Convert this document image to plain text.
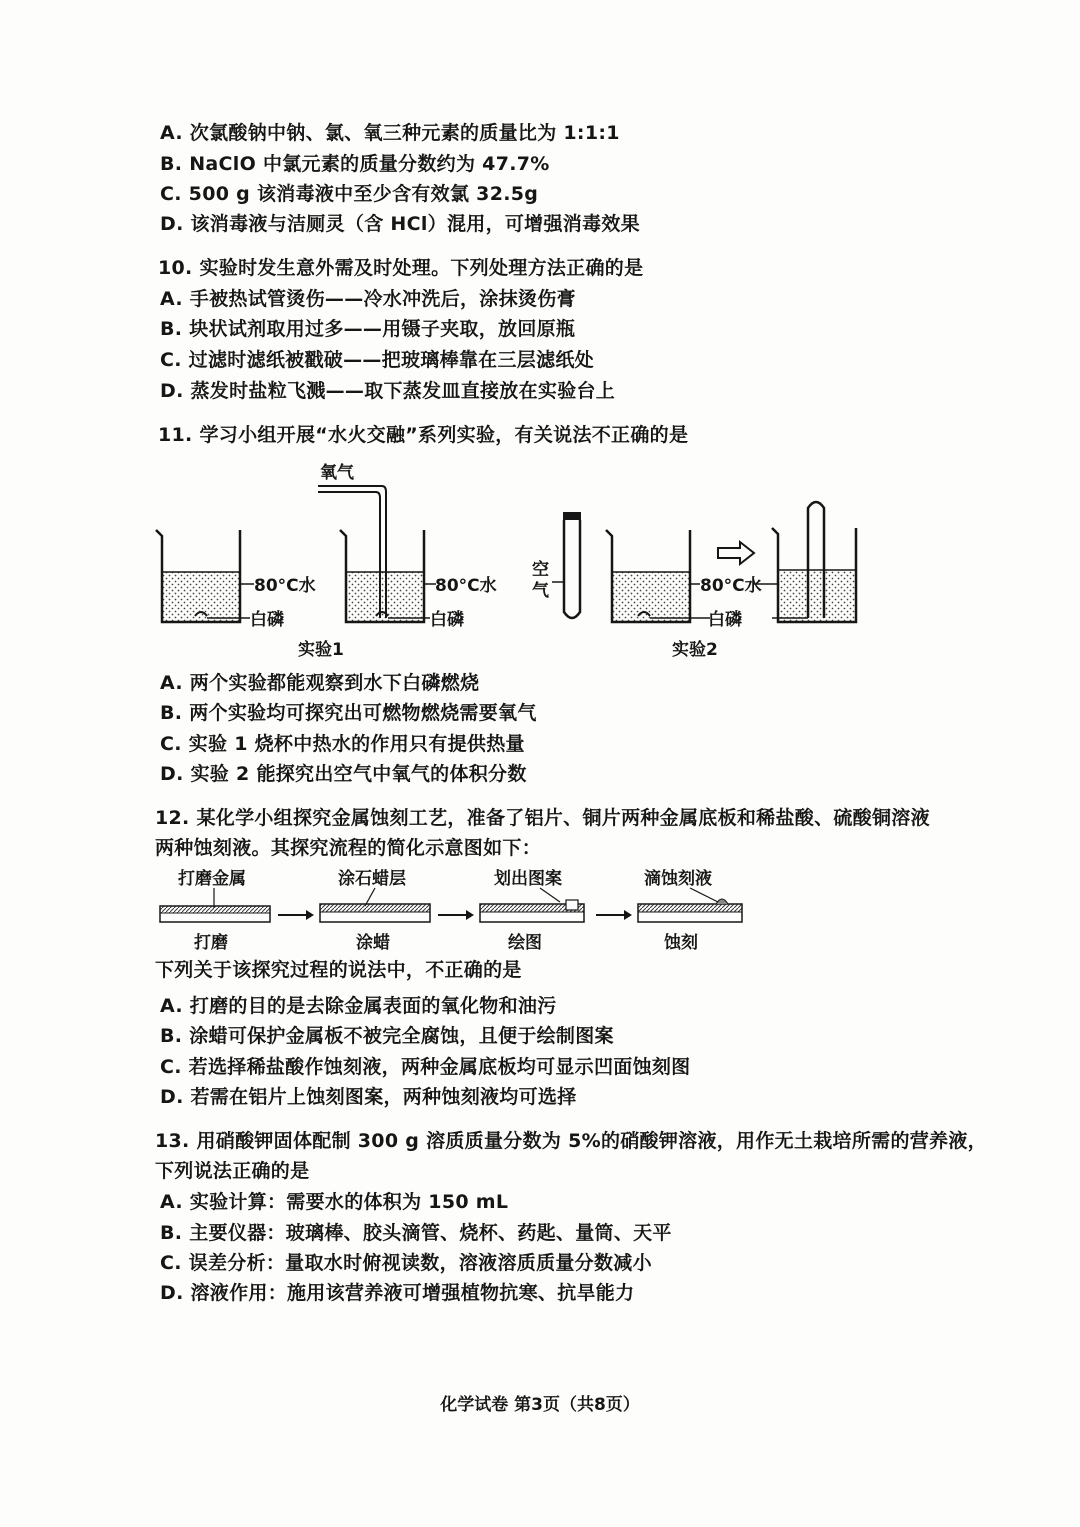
A. 次氯酸钠中钠、氯、氧三种元素的质量比为 1:1:1
B. NaClO 中氯元素的质量分数约为 47.7%
C. 500 g 该消毒液中至少含有效氯 32.5g
D. 该消毒液与洁厕灵（含 HCl）混用，可增强消毒效果
10. 实验时发生意外需及时处理。下列处理方法正确的是
A. 手被热试管烫伤——冷水冲洗后，涂抹烫伤膏
B. 块状试剂取用过多——用镊子夹取，放回原瓶
C. 过滤时滤纸被戳破——把玻璃棒靠在三层滤纸处
D. 蒸发时盐粒飞溅——取下蒸发皿直接放在实验台上
11. 学习小组开展“水火交融”系列实验，有关说法不正确的是
80°C水
白磷
氧气
80°C水
白磷
实验1
空 气	80°C水
白磷
实验2
A. 两个实验都能观察到水下白磷燃烧
B. 两个实验均可探究出可燃物燃烧需要氧气
C. 实验 1 烧杯中热水的作用只有提供热量
D. 实验 2 能探究出空气中氧气的体积分数
12. 某化学小组探究金属蚀刻工艺，准备了铝片、铜片两种金属底板和稀盐酸、硫酸铜溶液
两种蚀刻液。其探究流程的简化示意图如下：
打磨金属
打磨
涂石蜡层
涂蜡
划出图案
绘图
滴蚀刻液
蚀刻
下列关于该探究过程的说法中，不正确的是
A. 打磨的目的是去除金属表面的氧化物和油污
B. 涂蜡可保护金属板不被完全腐蚀，且便于绘制图案
C. 若选择稀盐酸作蚀刻液，两种金属底板均可显示凹面蚀刻图
D. 若需在铝片上蚀刻图案，两种蚀刻液均可选择
13. 用硝酸钾固体配制 300 g 溶质质量分数为 5%的硝酸钾溶液，用作无土栽培所需的营养液，
下列说法正确的是
A. 实验计算：需要水的体积为 150 mL
B. 主要仪器：玻璃棒、胶头滴管、烧杯、药匙、量筒、天平
C. 误差分析：量取水时俯视读数，溶液溶质质量分数减小
D. 溶液作用：施用该营养液可增强植物抗寒、抗旱能力
化学试卷 第3页（共8页）
